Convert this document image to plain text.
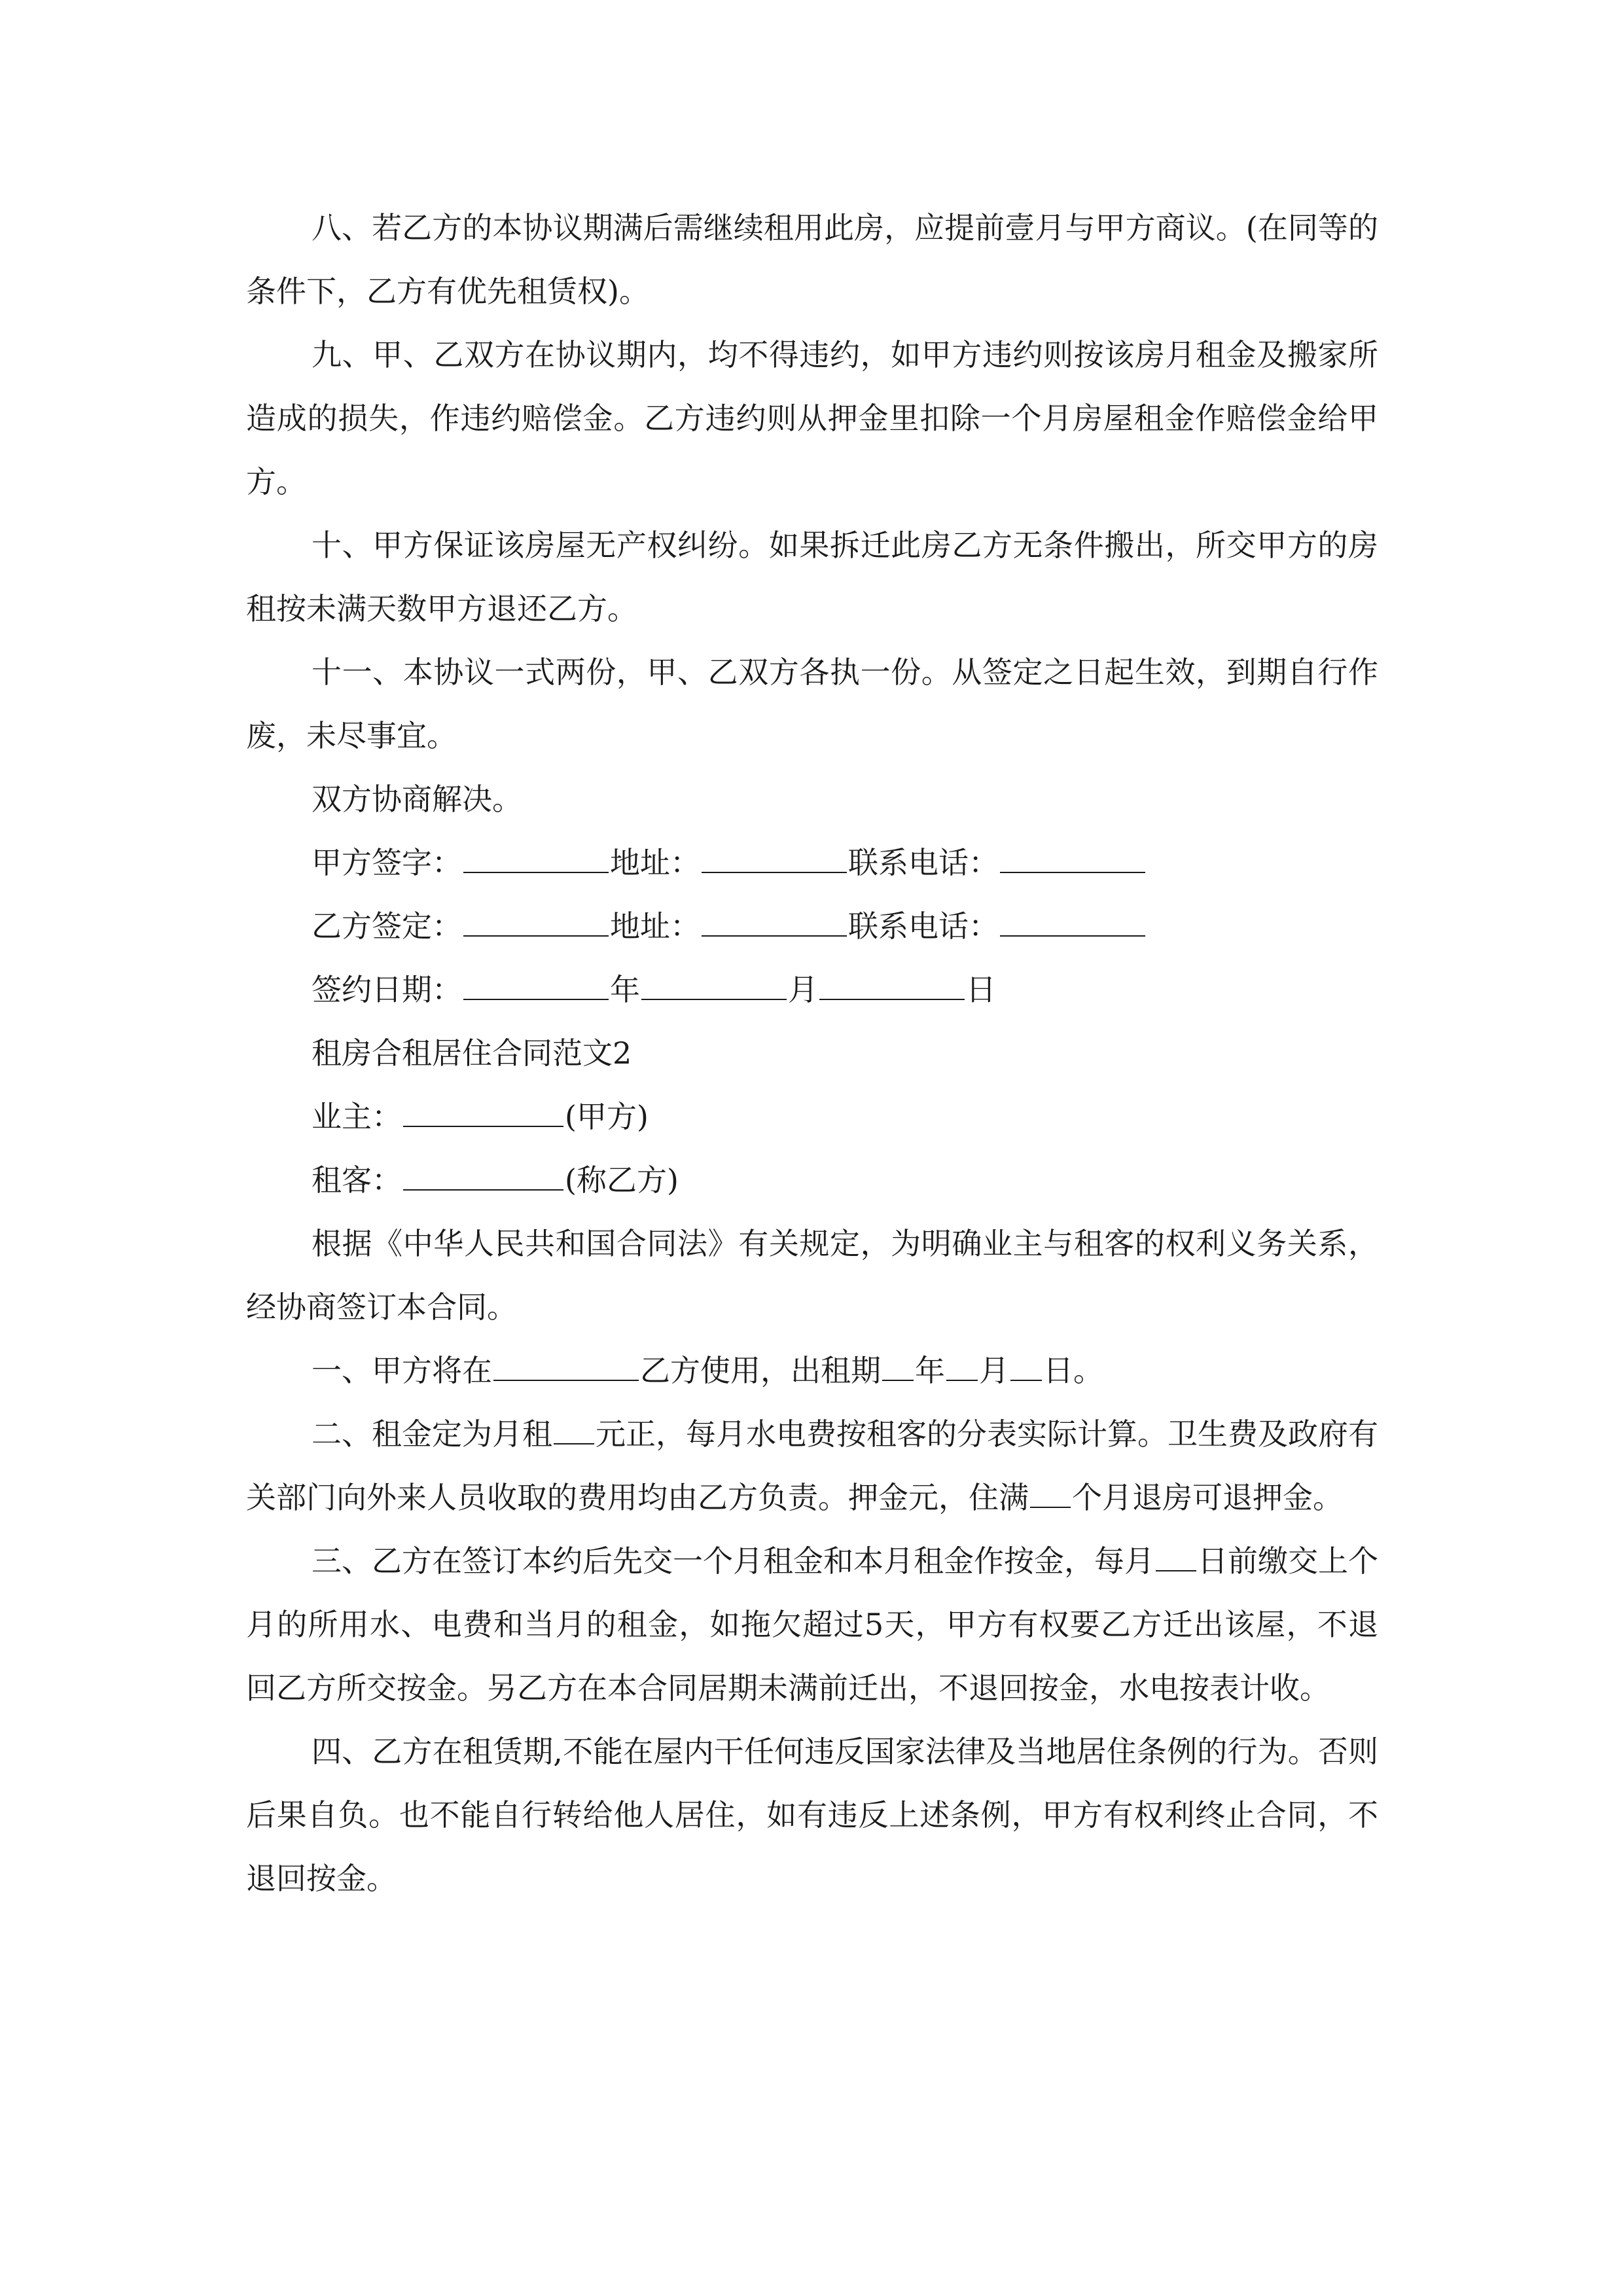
八、若乙方的本协议期满后需继续租用此房，应提前壹月与甲方商议。(在同等的条件下，乙方有优先租赁权)。

九、甲、乙双方在协议期内，均不得违约，如甲方违约则按该房月租金及搬家所造成的损失，作违约赔偿金。乙方违约则从押金里扣除一个月房屋租金作赔偿金给甲方。

十、甲方保证该房屋无产权纠纷。如果拆迁此房乙方无条件搬出，所交甲方的房租按未满天数甲方退还乙方。

十一、本协议一式两份，甲、乙双方各执一份。从签定之日起生效，到期自行作废，未尽事宜。

双方协商解决。

甲方签字：	地址：	联系电话：

乙方签定：	地址：	联系电话：

签约日期：	年	月	日

租房合租居住合同范文2

业主：	(甲方)

租客：	(称乙方)

根据《中华人民共和国合同法》有关规定，为明确业主与租客的权利义务关系，经协商签订本合同。

一、甲方将在	乙方使用，出租期 年 月 日。

二、租金定为月租 元正，每月水电费按租客的分表实际计算。卫生费及政府有关部门向外来人员收取的费用均由乙方负责。押金元，住满 个月退房可退押金。

三、乙方在签订本约后先交一个月租金和本月租金作按金，每月 日前缴交上个月的所用水、电费和当月的租金，如拖欠超过5天，甲方有权要乙方迁出该屋，不退回乙方所交按金。另乙方在本合同居期未满前迁出，不退回按金，水电按表计收。

四、乙方在租赁期,不能在屋内干任何违反国家法律及当地居住条例的行为。否则后果自负。也不能自行转给他人居住，如有违反上述条例，甲方有权利终止合同，不退回按金。
